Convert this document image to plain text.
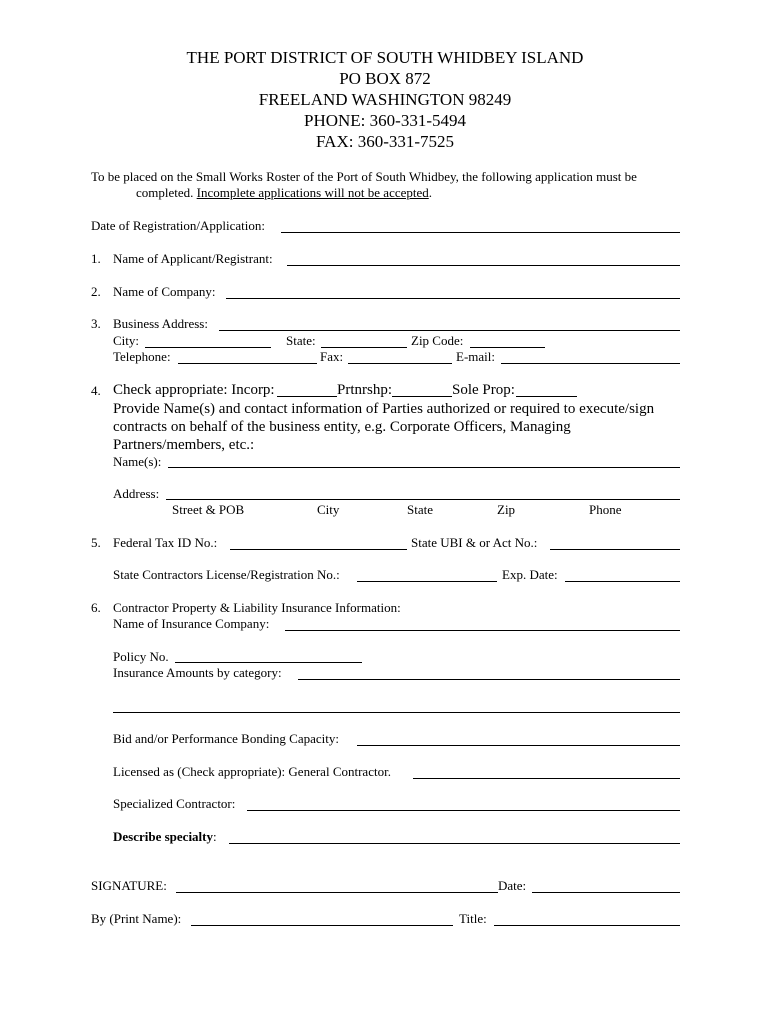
THE PORT DISTRICT OF SOUTH WHIDBEY ISLAND
PO BOX 872
FREELAND WASHINGTON 98249
PHONE: 360-331-5494
FAX: 360-331-7525
To be placed on the Small Works Roster of the Port of South Whidbey, the following application must be
completed. Incomplete applications will not be accepted.
Date of Registration/Application:
1. Name of Applicant/Registrant:
2. Name of Company:
3. Business Address:
City:	State:	Zip Code:
Telephone:	Fax:	E-mail:
4. Check appropriate: Incorp:	Prtnrshp:	Sole Prop:
Provide Name(s) and contact information of Parties authorized or required to execute/sign
contracts on behalf of the business entity, e.g. Corporate Officers, Managing
Partners/members, etc.:
Name(s):
Address:
Street & POB	City	State	Zip	Phone
5. Federal Tax ID No.:	State UBI & or Act No.:
State Contractors License/Registration No.:	Exp. Date:
6. Contractor Property & Liability Insurance Information:
Name of Insurance Company:
Policy No.
Insurance Amounts by category:
Bid and/or Performance Bonding Capacity:
Licensed as (Check appropriate): General Contractor.
Specialized Contractor:
Describe specialty:
SIGNATURE:	Date:
By (Print Name):	Title:
